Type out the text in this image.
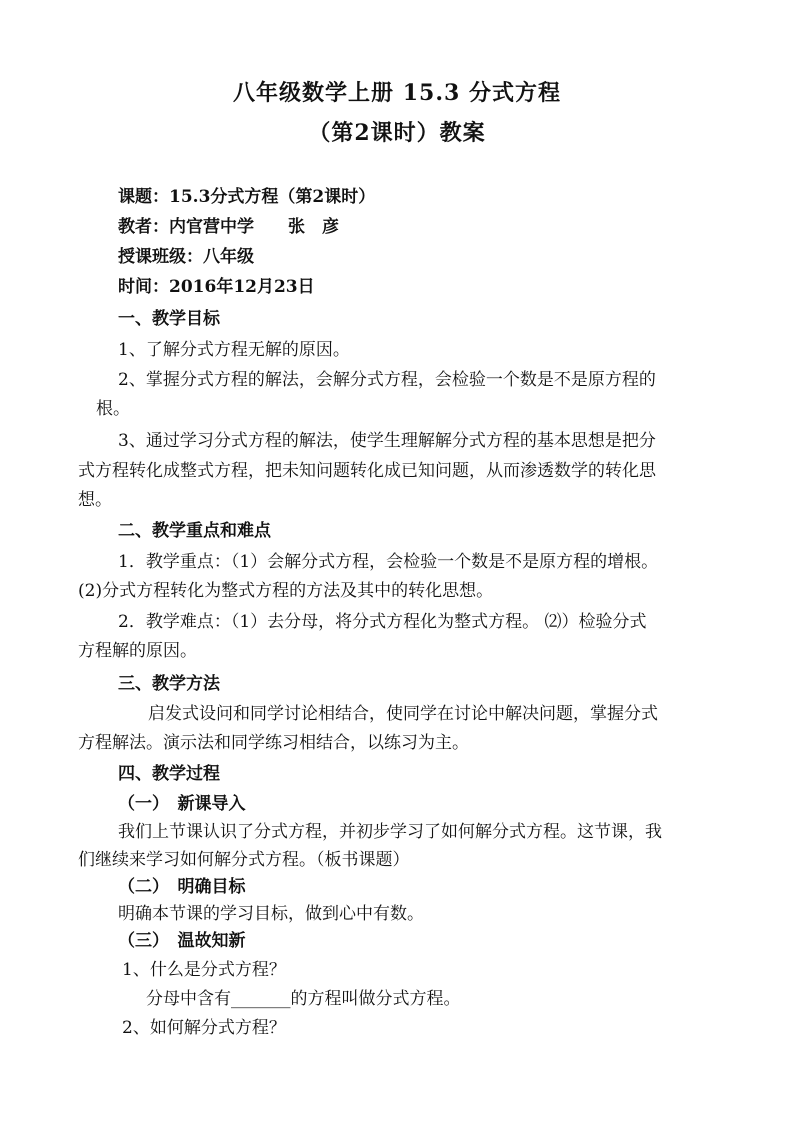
八年级数学上册 15.3 分式方程
（第2课时）教案
课题：15.3分式方程（第2课时）
教者：内官营中学　　张　彦
授课班级：八年级
时间：2016年12月23日
一、教学目标
1、了解分式方程无解的原因。
2、掌握分式方程的解法，会解分式方程，会检验一个数是不是原方程的
根。
3、通过学习分式方程的解法，使学生理解解分式方程的基本思想是把分
式方程转化成整式方程，把未知问题转化成已知问题，从而渗透数学的转化思
想。
二、教学重点和难点
1．教学重点：（1）会解分式方程，会检验一个数是不是原方程的增根。
(2)分式方程转化为整式方程的方法及其中的转化思想。
2．教学难点：（1）去分母，将分式方程化为整式方程。 ⑵）检验分式
方程解的原因。
三、教学方法
启发式设问和同学讨论相结合，使同学在讨论中解决问题，掌握分式
方程解法。演示法和同学练习相结合，以练习为主。
四、教学过程
（一）　新课导入
我们上节课认识了分式方程，并初步学习了如何解分式方程。这节课，我
们继续来学习如何解分式方程。（板书课题）
（二）　明确目标
明确本节课的学习目标，做到心中有数。
（三）　温故知新
1、什么是分式方程？
分母中含有_______的方程叫做分式方程。
2、如何解分式方程？
